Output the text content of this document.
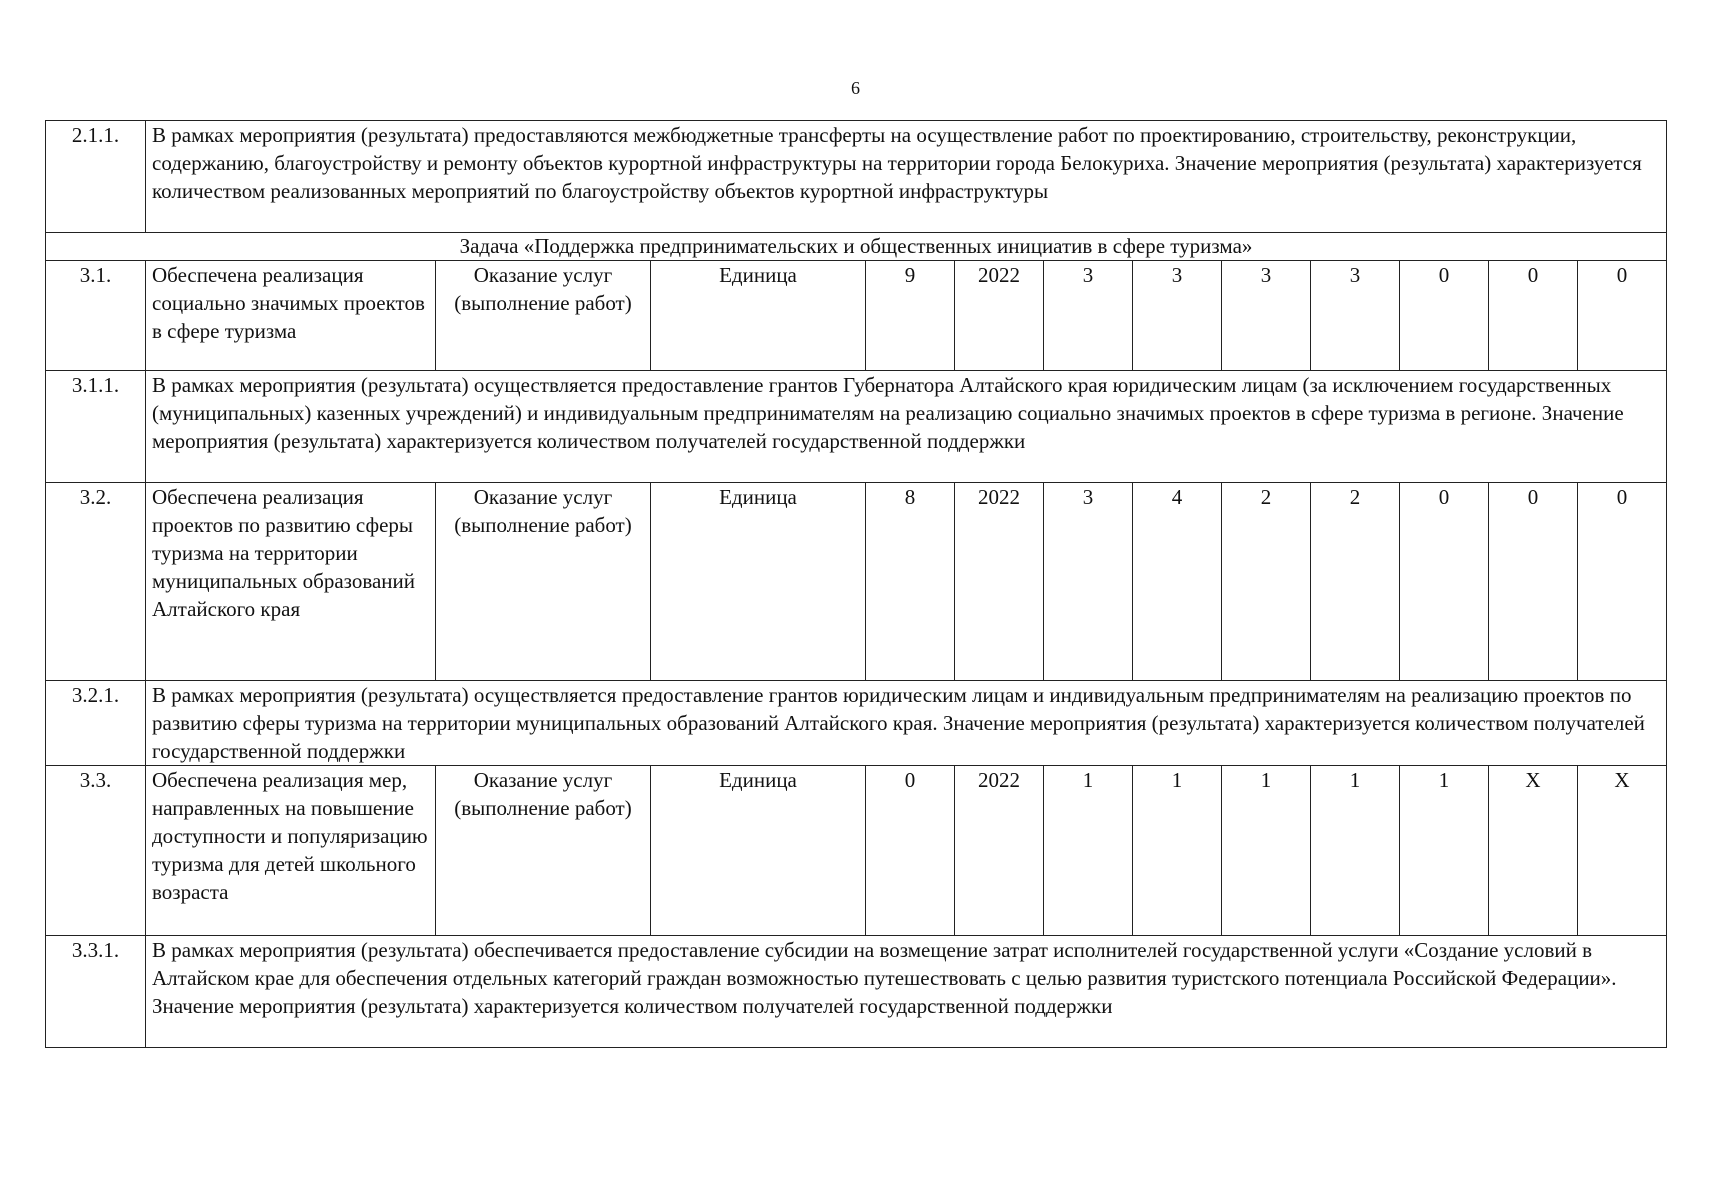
6
2.1.1.	В рамках мероприятия (результата) предоставляются межбюджетные трансферты на осуществление работ по проектированию, строительству, реконструкции, содержанию, благоустройству и ремонту объектов курортной инфраструктуры на территории города Белокуриха. Значение мероприятия (результата) характеризуется количеством реализованных мероприятий по благоустройству объектов курортной инфраструктуры											
Задача «Поддержка предпринимательских и общественных инициатив в сфере туризма»												
3.1.	Обеспечена реализация социально значимых проектов в сфере туризма	Оказание услуг (выполнение работ)	Единица	9	2022	3	3	3	3	0	0	0
3.1.1.	В рамках мероприятия (результата) осуществляется предоставление грантов Губернатора Алтайского края юридическим лицам (за исключением государственных (муниципальных) казенных учреждений) и индивидуальным предпринимателям на реализацию социально значимых проектов в сфере туризма в регионе. Значение мероприятия (результата) характеризуется количеством получателей государственной поддержки											
3.2.	Обеспечена реализация проектов по развитию сферы туризма на территории муниципальных образований Алтайского края	Оказание услуг (выполнение работ)	Единица	8	2022	3	4	2	2	0	0	0
3.2.1.	В рамках мероприятия (результата) осуществляется предоставление грантов юридическим лицам и индивидуальным предпринимателям на реализацию проектов по развитию сферы туризма на территории муниципальных образований Алтайского края. Значение мероприятия (результата) характеризуется количеством получателей государственной поддержки											
3.3.	Обеспечена реализация мер, направленных на повышение доступности и популяризацию туризма для детей школьного возраста	Оказание услуг (выполнение работ)	Единица	0	2022	1	1	1	1	1	X	X
3.3.1.	В рамках мероприятия (результата) обеспечивается предоставление субсидии на возмещение затрат исполнителей государственной услуги «Создание условий в Алтайском крае для обеспечения отдельных категорий граждан возможностью путешествовать с целью развития туристского потенциала Российской Федерации». Значение мероприятия (результата) характеризуется количеством получателей государственной поддержки											
